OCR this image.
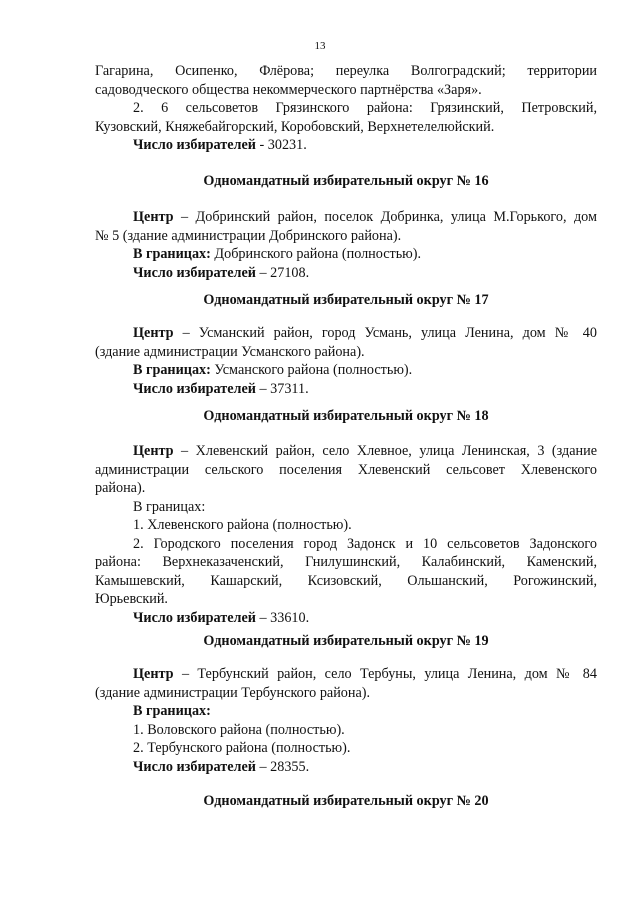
13
Гагарина, Осипенко, Флёрова; переулка Волгоградский; территории
садоводческого общества некоммерческого партнёрства «Заря».
2. 6 сельсоветов Грязинского района: Грязинский, Петровский,
Кузовский, Княжебайгорский, Коробовский, Верхнетелелюйский.
Число избирателей - 30231.
Одномандатный избирательный округ № 16
Центр – Добринский район, поселок Добринка, улица М.Горького, дом
№ 5 (здание администрации Добринского района).
В границах: Добринского района (полностью).
Число избирателей – 27108.
Одномандатный избирательный округ № 17
Центр – Усманский район, город Усмань, улица Ленина, дом № 40
(здание администрации Усманского района).
В границах: Усманского района (полностью).
Число избирателей – 37311.
Одномандатный избирательный округ № 18
Центр – Хлевенский район, село Хлевное, улица Ленинская, 3 (здание
администрации сельского поселения Хлевенский сельсовет Хлевенского
района).
В границах:
1. Хлевенского района (полностью).
2. Городского поселения город Задонск и 10 сельсоветов Задонского
района: Верхнеказаченский, Гнилушинский, Калабинский, Каменский,
Камышевский, Кашарский, Ксизовский, Ольшанский, Рогожинский,
Юрьевский.
Число избирателей – 33610.
Одномандатный избирательный округ № 19
Центр – Тербунский район, село Тербуны, улица Ленина, дом № 84
(здание администрации Тербунского района).
В границах:
1. Воловского района (полностью).
2. Тербунского района (полностью).
Число избирателей – 28355.
Одномандатный избирательный округ № 20
